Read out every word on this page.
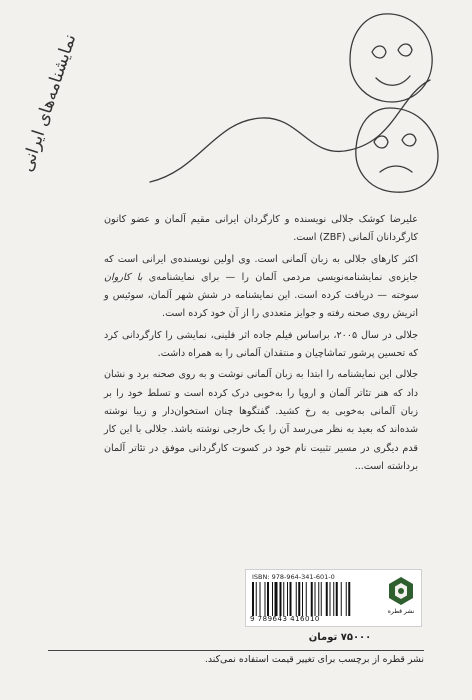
نمایشنامه‌های ایرانی

علیرضا کوشک جلالی نویسنده و کارگردان ایرانی مقیم آلمان و عضو کانون کارگردانان آلمانی (ZBF) است.

اکثر کارهای جلالی به زبان آلمانی است. وی اولین نویسنده‌ی ایرانی است که جایزه‌ی نمایشنامه‌نویسی مردمی آلمان را — برای نمایشنامه‌ی با کاروان سوخته — دریافت کرده است. این نمایشنامه در شش شهر آلمان، سوئیس و اتریش روی صحنه رفته و جوایز متعددی را از آن خود کرده است.

جلالی در سال ۲۰۰۵، براساس فیلم جاده اثر فلینی، نمایشی را کارگردانی کرد که تحسین پرشور تماشاچیان و منتقدان آلمانی را به همراه داشت.

جلالی این نمایشنامه را ابتدا به زبان آلمانی نوشت و به روی صحنه برد و نشان داد که هنر تئاتر آلمان و اروپا را به‌خوبی درک کرده است و تسلط خود را بر زبان آلمانی به‌خوبی به رخ کشید. گفتگوها چنان استخوان‌دار و زیبا نوشته شده‌اند که بعید به نظر می‌رسد آن را یک خارجی نوشته باشد. جلالی با این کار قدم دیگری در مسیر تثبیت نام خود در کسوت کارگردانی موفق در تئاتر آلمان برداشته است...

ISBN: 978-964-341-601-0
9 789643 416010
نشر قطره
۷۵۰۰۰ تومان
نشر قطره از برچسب برای تغییر قیمت استفاده نمی‌کند.
